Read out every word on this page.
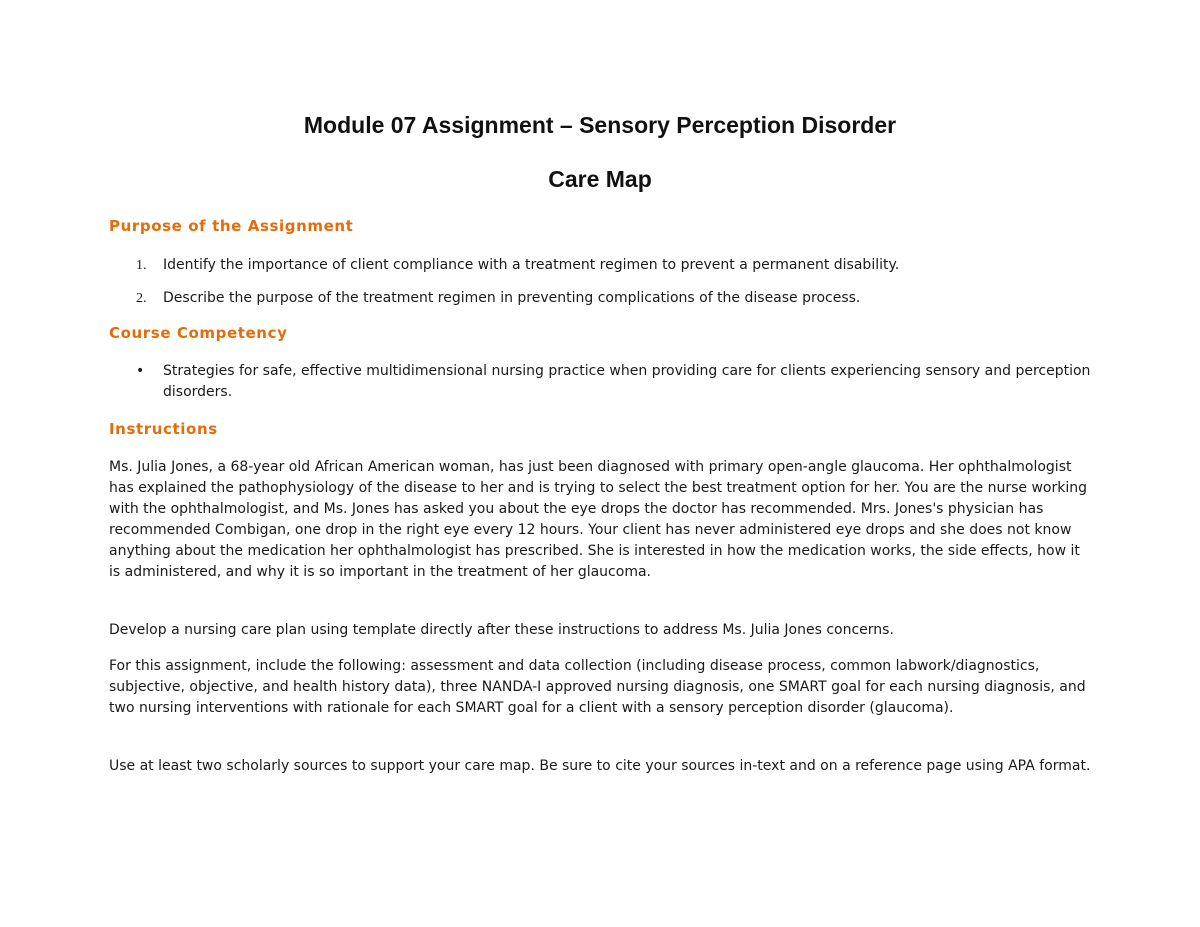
Module 07 Assignment – Sensory Perception Disorder
Care Map
Purpose of the Assignment
1. Identify the importance of client compliance with a treatment regimen to prevent a permanent disability.
2. Describe the purpose of the treatment regimen in preventing complications of the disease process.
Course Competency
• Strategies for safe, effective multidimensional nursing practice when providing care for clients experiencing sensory and perception disorders.
Instructions

Ms. Julia Jones, a 68-year old African American woman, has just been diagnosed with primary open-angle glaucoma. Her ophthalmologist has explained the pathophysiology of the disease to her and is trying to select the best treatment option for her. You are the nurse working with the ophthalmologist, and Ms. Jones has asked you about the eye drops the doctor has recommended. Mrs. Jones's physician has recommended Combigan, one drop in the right eye every 12 hours. Your client has never administered eye drops and she does not know anything about the medication her ophthalmologist has prescribed. She is interested in how the medication works, the side effects, how it is administered, and why it is so important in the treatment of her glaucoma.

Develop a nursing care plan using template directly after these instructions to address Ms. Julia Jones concerns.

For this assignment, include the following: assessment and data collection (including disease process, common labwork/diagnostics, subjective, objective, and health history data), three NANDA-I approved nursing diagnosis, one SMART goal for each nursing diagnosis, and two nursing interventions with rationale for each SMART goal for a client with a sensory perception disorder (glaucoma).

Use at least two scholarly sources to support your care map. Be sure to cite your sources in-text and on a reference page using APA format.
